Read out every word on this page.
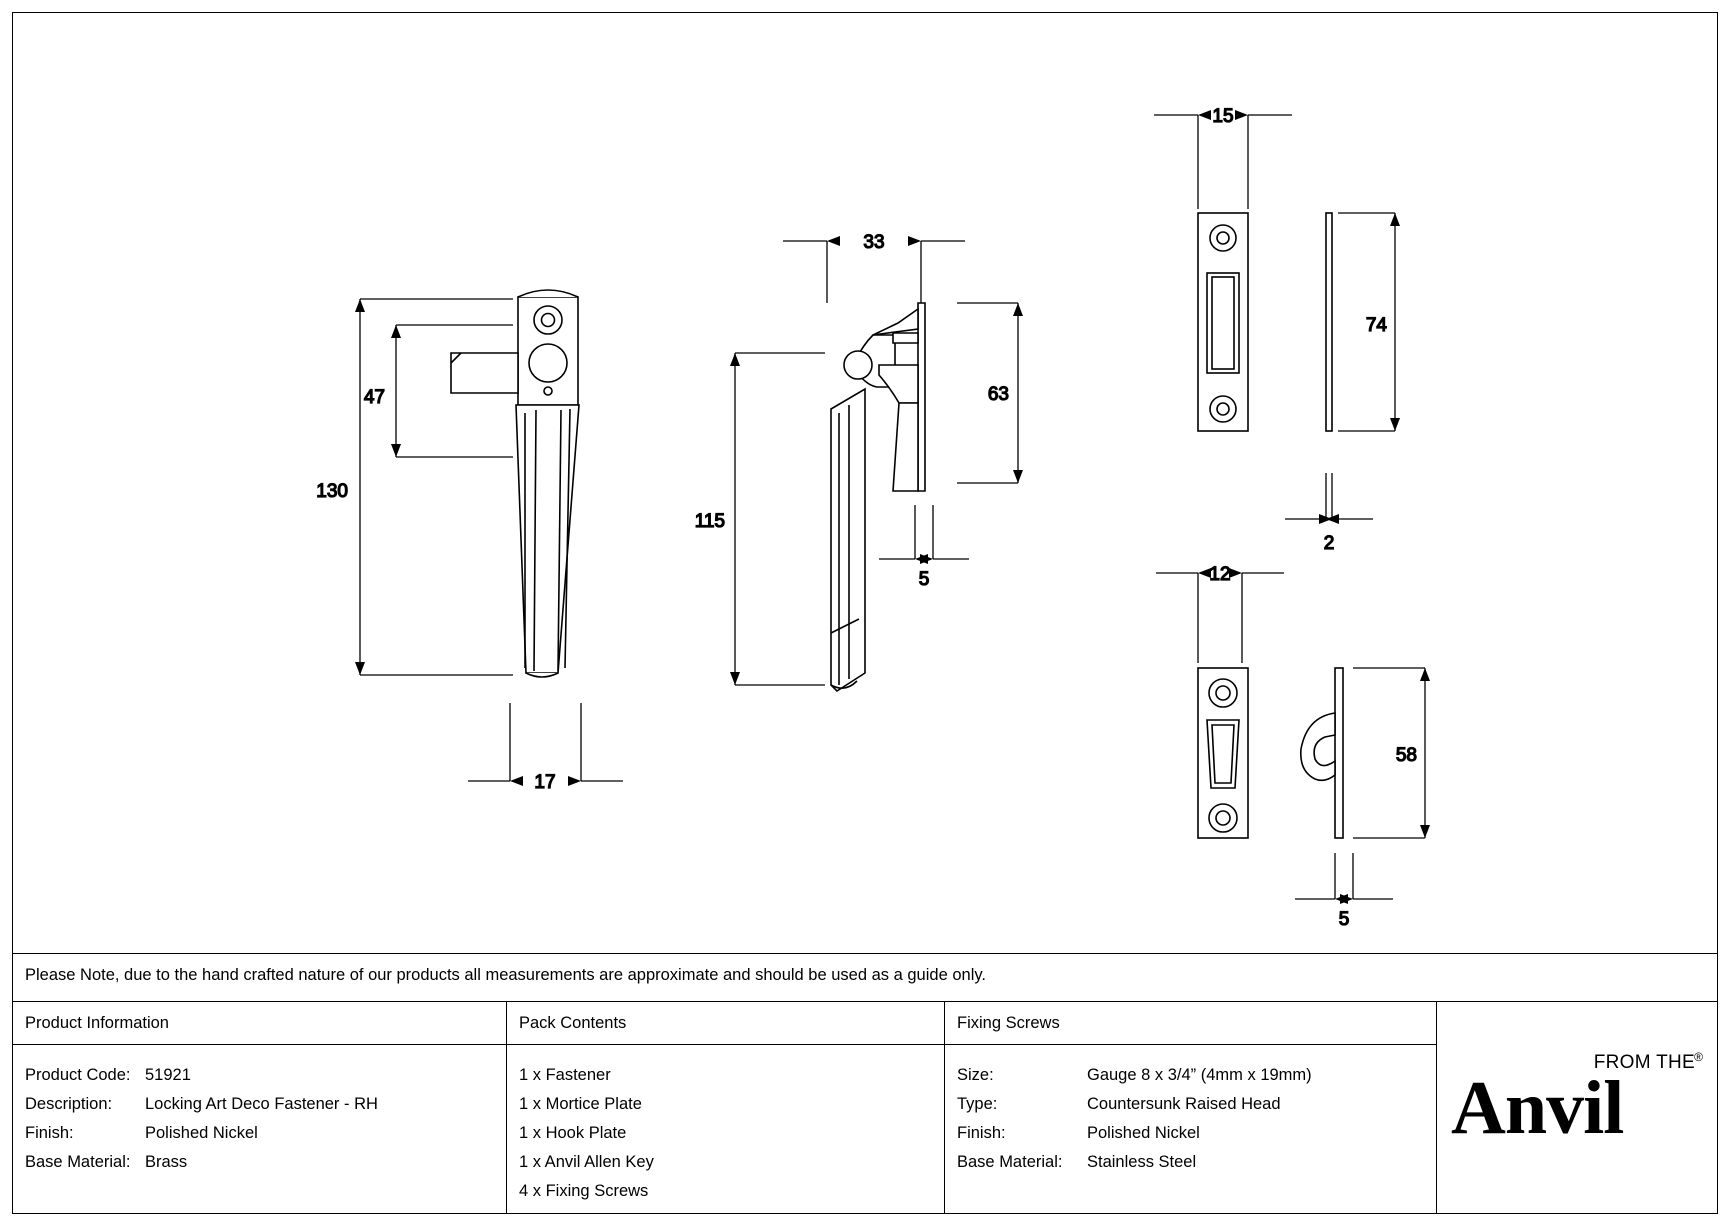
130
47
17
115
33
63
5
15
74
2
12
58
5
Please Note, due to the hand crafted nature of our products all measurements are approximate and should be used as a guide only.
Product Information
Product Code: 51921
Description:	Locking Art Deco Fastener - RH
Finish:	Polished Nickel
Base Material: Brass
Pack Contents
1 x Fastener
1 x Mortice Plate
1 x Hook Plate
1 x Anvil Allen Key
4 x Fixing Screws
Fixing Screws
Size:	Gauge 8 x 3/4” (4mm x 19mm)
Type:	Countersunk Raised Head
Finish:	Polished Nickel
Base Material:	Stainless Steel
FROM THE
Anvil
®
